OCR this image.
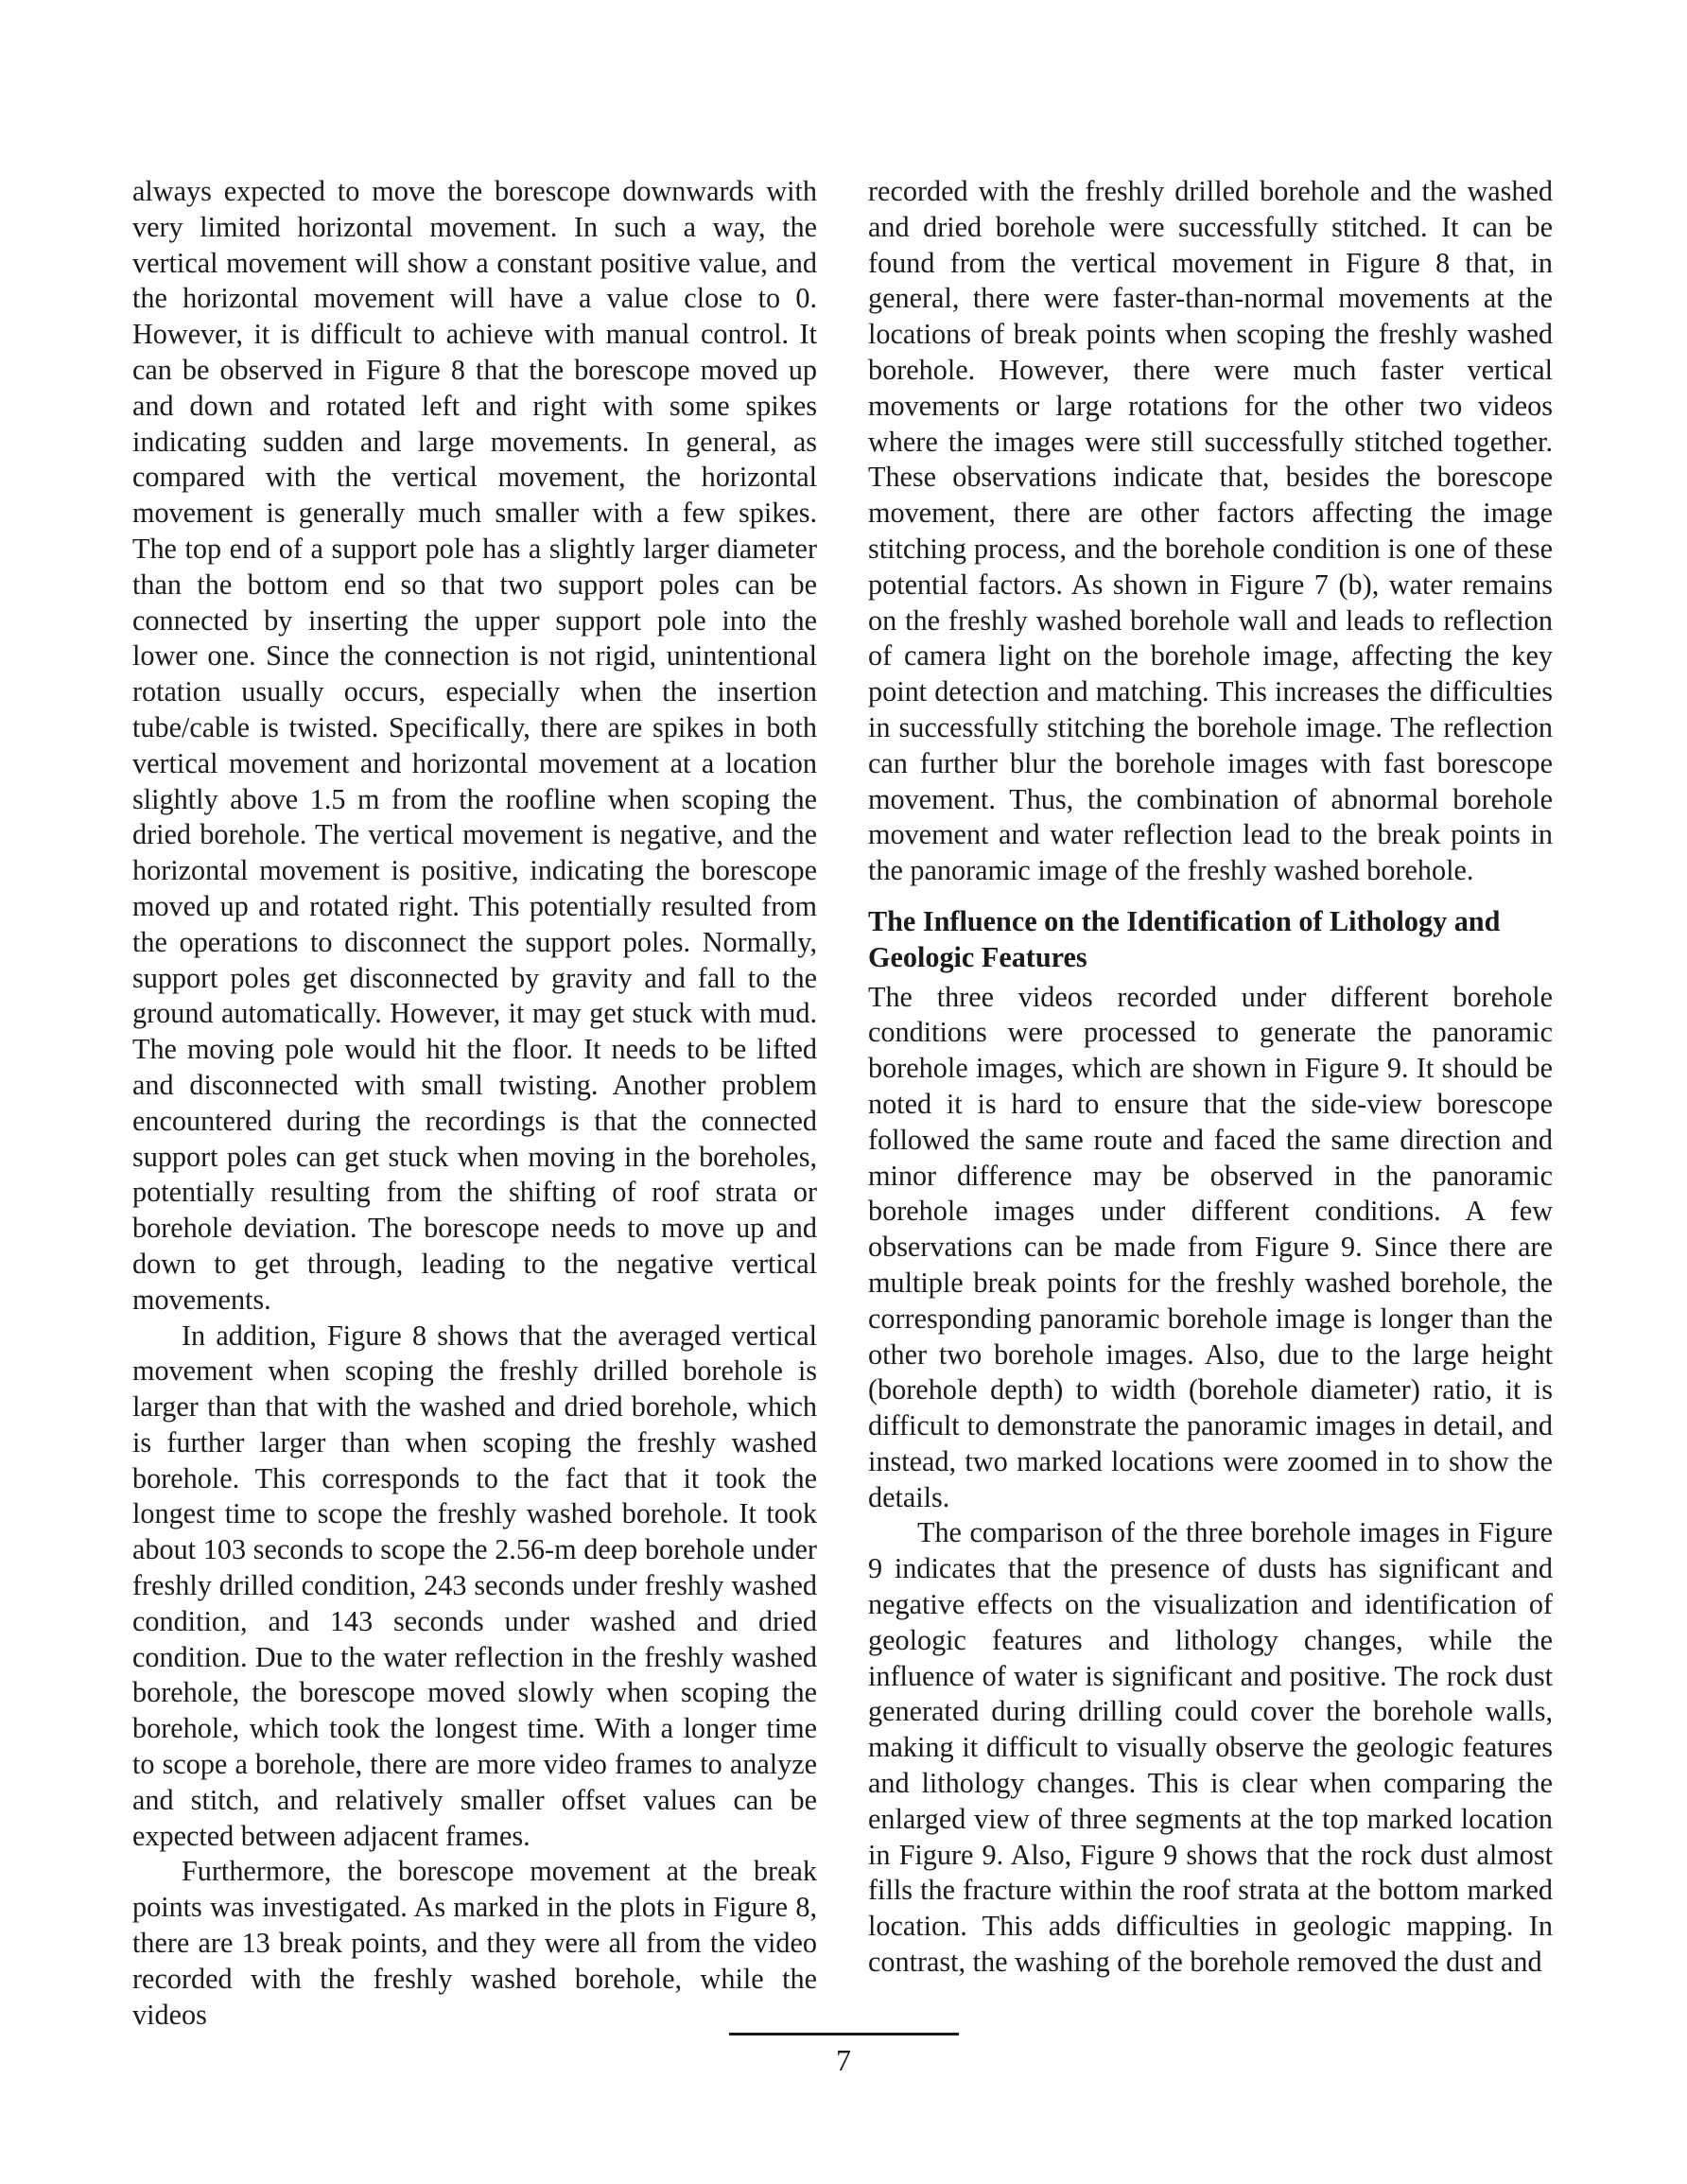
always expected to move the borescope downwards with very limited horizontal movement. In such a way, the vertical movement will show a constant positive value, and the horizontal movement will have a value close to 0. However, it is difficult to achieve with manual control. It can be observed in Figure 8 that the borescope moved up and down and rotated left and right with some spikes indicating sudden and large movements. In general, as compared with the vertical movement, the horizontal movement is generally much smaller with a few spikes. The top end of a support pole has a slightly larger diameter than the bottom end so that two support poles can be connected by inserting the upper support pole into the lower one. Since the connection is not rigid, unintentional rotation usually occurs, especially when the insertion tube/cable is twisted. Specifically, there are spikes in both vertical movement and horizontal movement at a location slightly above 1.5 m from the roofline when scoping the dried borehole. The vertical movement is negative, and the horizontal movement is positive, indicating the borescope moved up and rotated right. This potentially resulted from the operations to disconnect the support poles. Normally, support poles get disconnected by gravity and fall to the ground automatically. However, it may get stuck with mud. The moving pole would hit the floor. It needs to be lifted and disconnected with small twisting. Another problem encountered during the recordings is that the connected support poles can get stuck when moving in the boreholes, potentially resulting from the shifting of roof strata or borehole deviation. The borescope needs to move up and down to get through, leading to the negative vertical movements.

In addition, Figure 8 shows that the averaged vertical movement when scoping the freshly drilled borehole is larger than that with the washed and dried borehole, which is further larger than when scoping the freshly washed borehole. This corresponds to the fact that it took the longest time to scope the freshly washed borehole. It took about 103 seconds to scope the 2.56-m deep borehole under freshly drilled condition, 243 seconds under freshly washed condition, and 143 seconds under washed and dried condition. Due to the water reflection in the freshly washed borehole, the borescope moved slowly when scoping the borehole, which took the longest time. With a longer time to scope a borehole, there are more video frames to analyze and stitch, and relatively smaller offset values can be expected between adjacent frames.

Furthermore, the borescope movement at the break points was investigated. As marked in the plots in Figure 8, there are 13 break points, and they were all from the video recorded with the freshly washed borehole, while the videos

recorded with the freshly drilled borehole and the washed and dried borehole were successfully stitched. It can be found from the vertical movement in Figure 8 that, in general, there were faster-than-normal movements at the locations of break points when scoping the freshly washed borehole. However, there were much faster vertical movements or large rotations for the other two videos where the images were still successfully stitched together. These observations indicate that, besides the borescope movement, there are other factors affecting the image stitching process, and the borehole condition is one of these potential factors. As shown in Figure 7 (b), water remains on the freshly washed borehole wall and leads to reflection of camera light on the borehole image, affecting the key point detection and matching. This increases the difficulties in successfully stitching the borehole image. The reflection can further blur the borehole images with fast borescope movement. Thus, the combination of abnormal borehole movement and water reflection lead to the break points in the panoramic image of the freshly washed borehole.

The Influence on the Identification of Lithology and Geologic Features

The three videos recorded under different borehole conditions were processed to generate the panoramic borehole images, which are shown in Figure 9. It should be noted it is hard to ensure that the side-view borescope followed the same route and faced the same direction and minor difference may be observed in the panoramic borehole images under different conditions. A few observations can be made from Figure 9. Since there are multiple break points for the freshly washed borehole, the corresponding panoramic borehole image is longer than the other two borehole images. Also, due to the large height (borehole depth) to width (borehole diameter) ratio, it is difficult to demonstrate the panoramic images in detail, and instead, two marked locations were zoomed in to show the details.

The comparison of the three borehole images in Figure 9 indicates that the presence of dusts has significant and negative effects on the visualization and identification of geologic features and lithology changes, while the influence of water is significant and positive. The rock dust generated during drilling could cover the borehole walls, making it difficult to visually observe the geologic features and lithology changes. This is clear when comparing the enlarged view of three segments at the top marked location in Figure 9. Also, Figure 9 shows that the rock dust almost fills the fracture within the roof strata at the bottom marked location. This adds difficulties in geologic mapping. In contrast, the washing of the borehole removed the dust and

7
